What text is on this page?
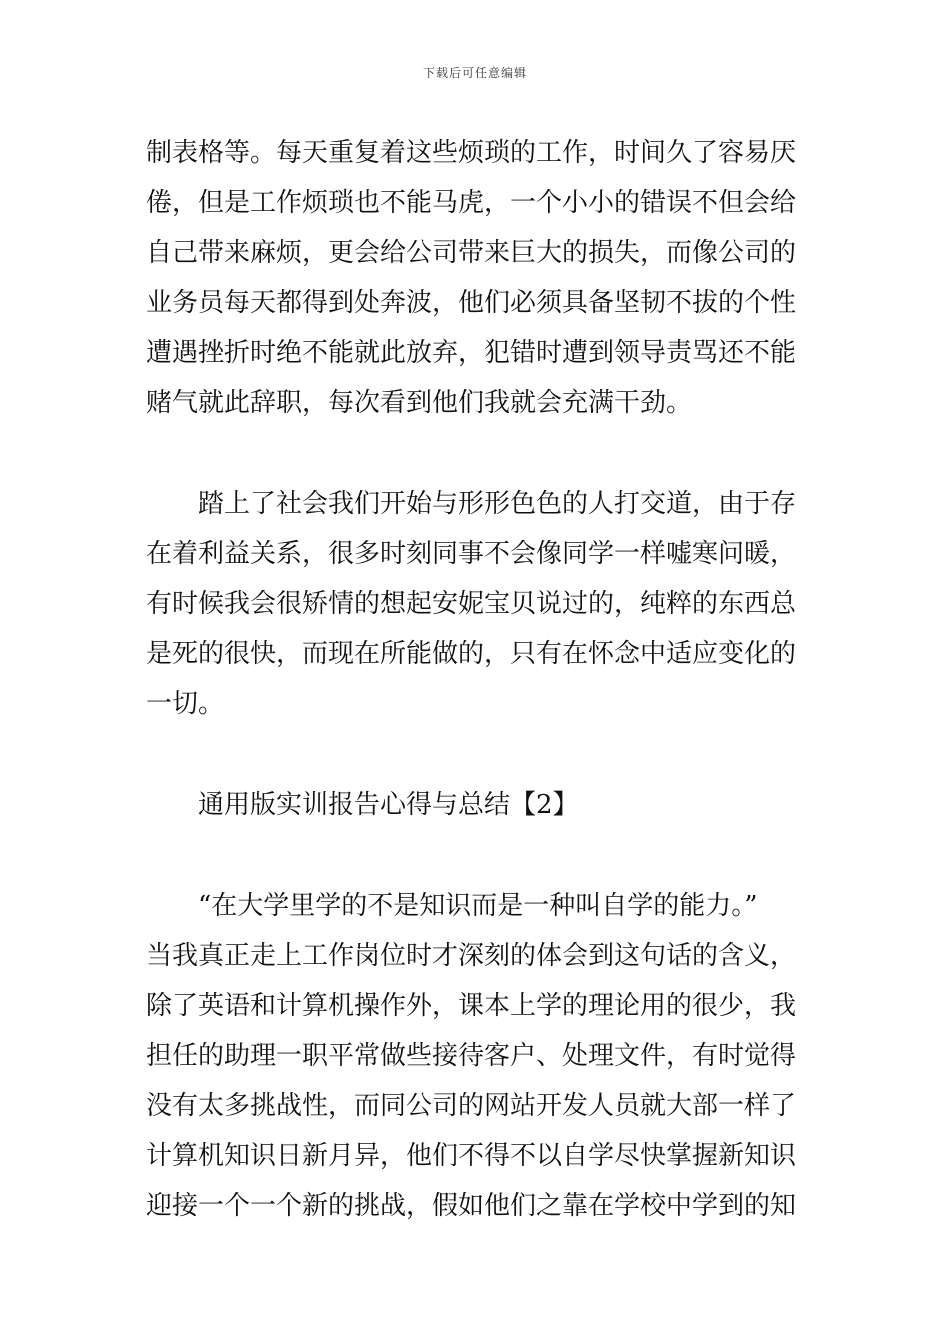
下载后可任意编辑
制表格等。每天重复着这些烦琐的工作，时间久了容易厌
倦，但是工作烦琐也不能马虎，一个小小的错误不但会给
自己带来麻烦，更会给公司带来巨大的损失，而像公司的
业务员每天都得到处奔波，他们必须具备坚韧不拔的个性
遭遇挫折时绝不能就此放弃，犯错时遭到领导责骂还不能
赌气就此辞职，每次看到他们我就会充满干劲。
踏上了社会我们开始与形形色色的人打交道，由于存
在着利益关系，很多时刻同事不会像同学一样嘘寒问暖，
有时候我会很矫情的想起安妮宝贝说过的，纯粹的东西总
是死的很快，而现在所能做的，只有在怀念中适应变化的
一切。
通用版实训报告心得与总结【2】
“在大学里学的不是知识而是一种叫自学的能力。”
当我真正走上工作岗位时才深刻的体会到这句话的含义，
除了英语和计算机操作外，课本上学的理论用的很少，我
担任的助理一职平常做些接待客户、处理文件，有时觉得
没有太多挑战性，而同公司的网站开发人员就大部一样了
计算机知识日新月异，他们不得不以自学尽快掌握新知识
迎接一个一个新的挑战，假如他们之靠在学校中学到的知
